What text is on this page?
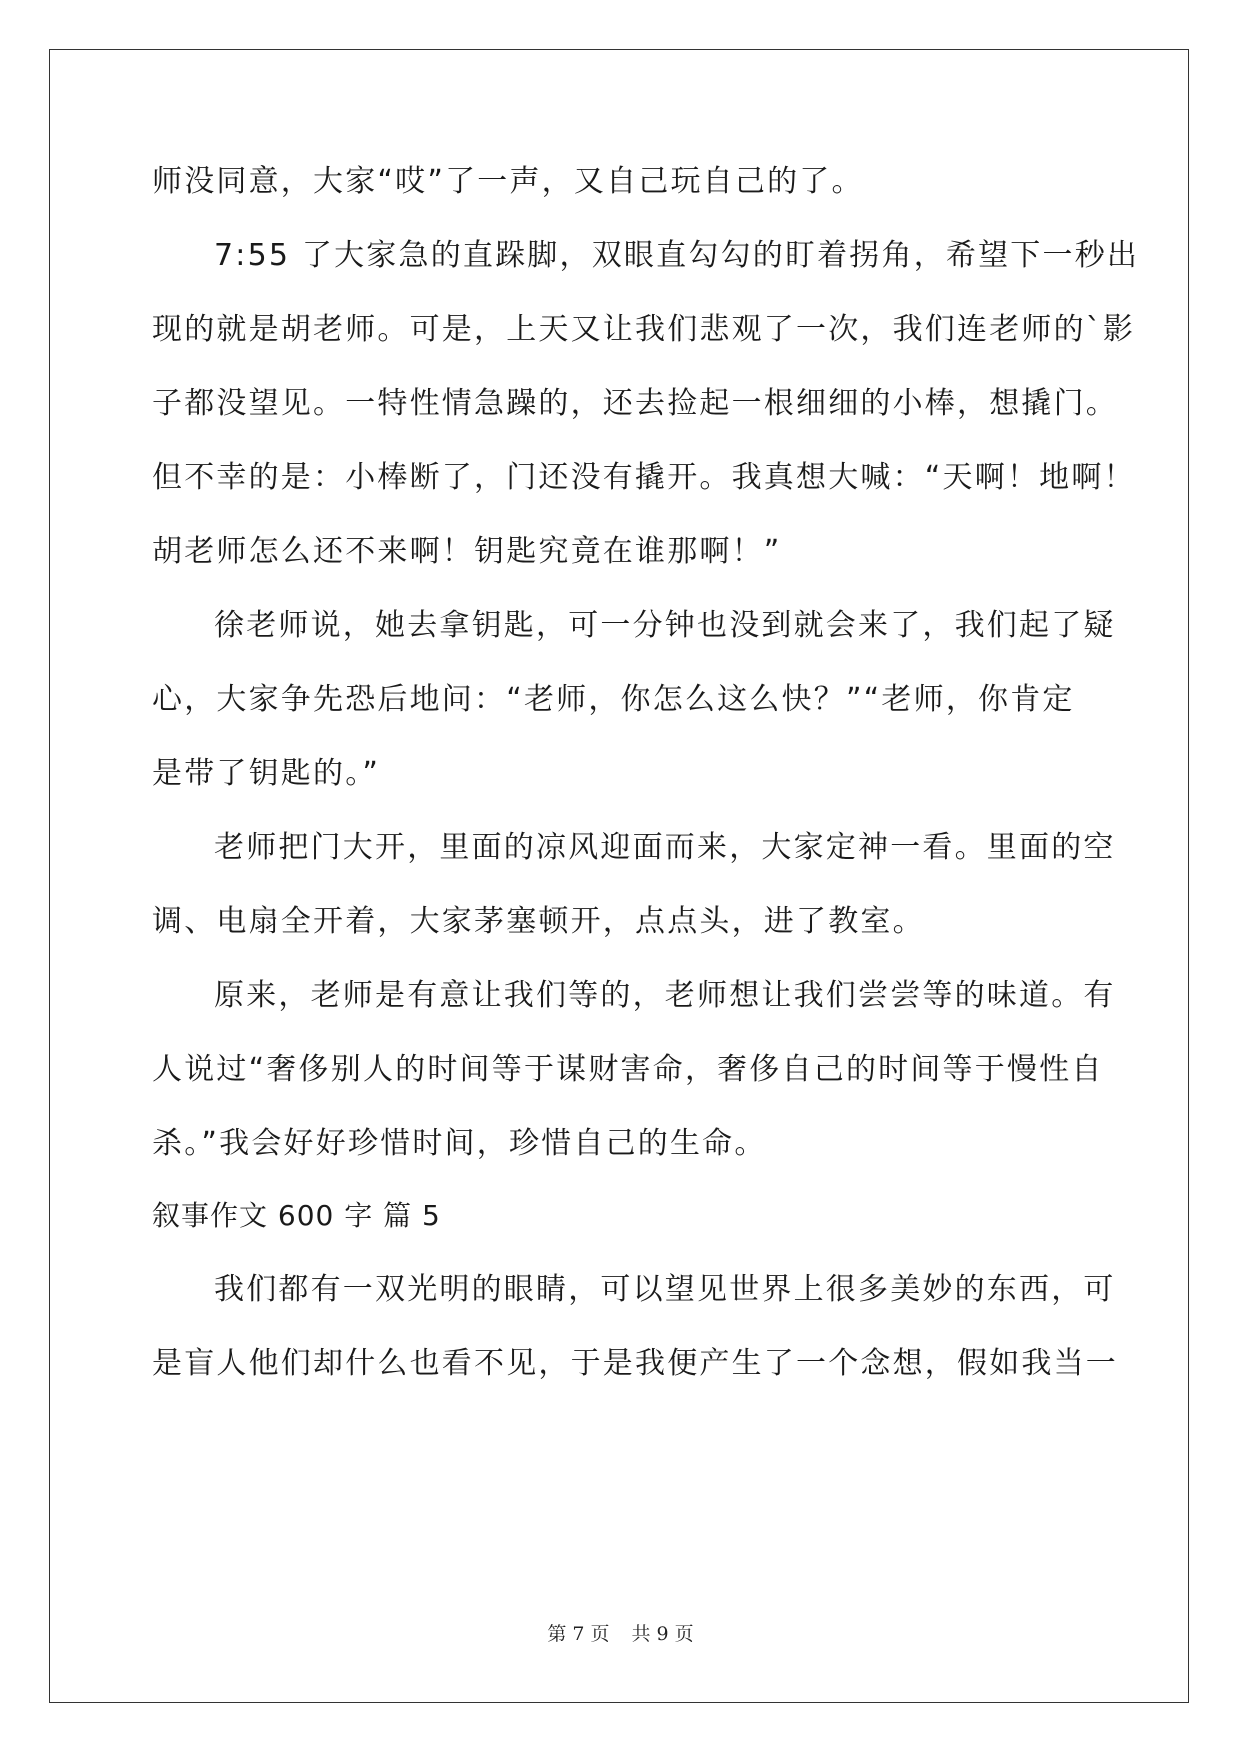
师没同意，大家“哎”了一声，又自己玩自己的了。

7:55 了大家急的直跺脚，双眼直勾勾的盯着拐角，希望下一秒出

现的就是胡老师。可是，上天又让我们悲观了一次，我们连老师的`影

子都没望见。一特性情急躁的，还去捡起一根细细的小棒，想撬门。

但不幸的是：小棒断了，门还没有撬开。我真想大喊：“天啊！地啊！

胡老师怎么还不来啊！钥匙究竟在谁那啊！”

徐老师说，她去拿钥匙，可一分钟也没到就会来了，我们起了疑

心，大家争先恐后地问：“老师，你怎么这么快？”“老师，你肯定

是带了钥匙的。”

老师把门大开，里面的凉风迎面而来，大家定神一看。里面的空

调、电扇全开着，大家茅塞顿开，点点头，进了教室。

原来，老师是有意让我们等的，老师想让我们尝尝等的味道。有

人说过“奢侈别人的时间等于谋财害命，奢侈自己的时间等于慢性自

杀。”我会好好珍惜时间，珍惜自己的生命。

叙事作文 600 字 篇 5

我们都有一双光明的眼睛，可以望见世界上很多美妙的东西，可

是盲人他们却什么也看不见，于是我便产生了一个念想，假如我当一

第 7 页 共 9 页
